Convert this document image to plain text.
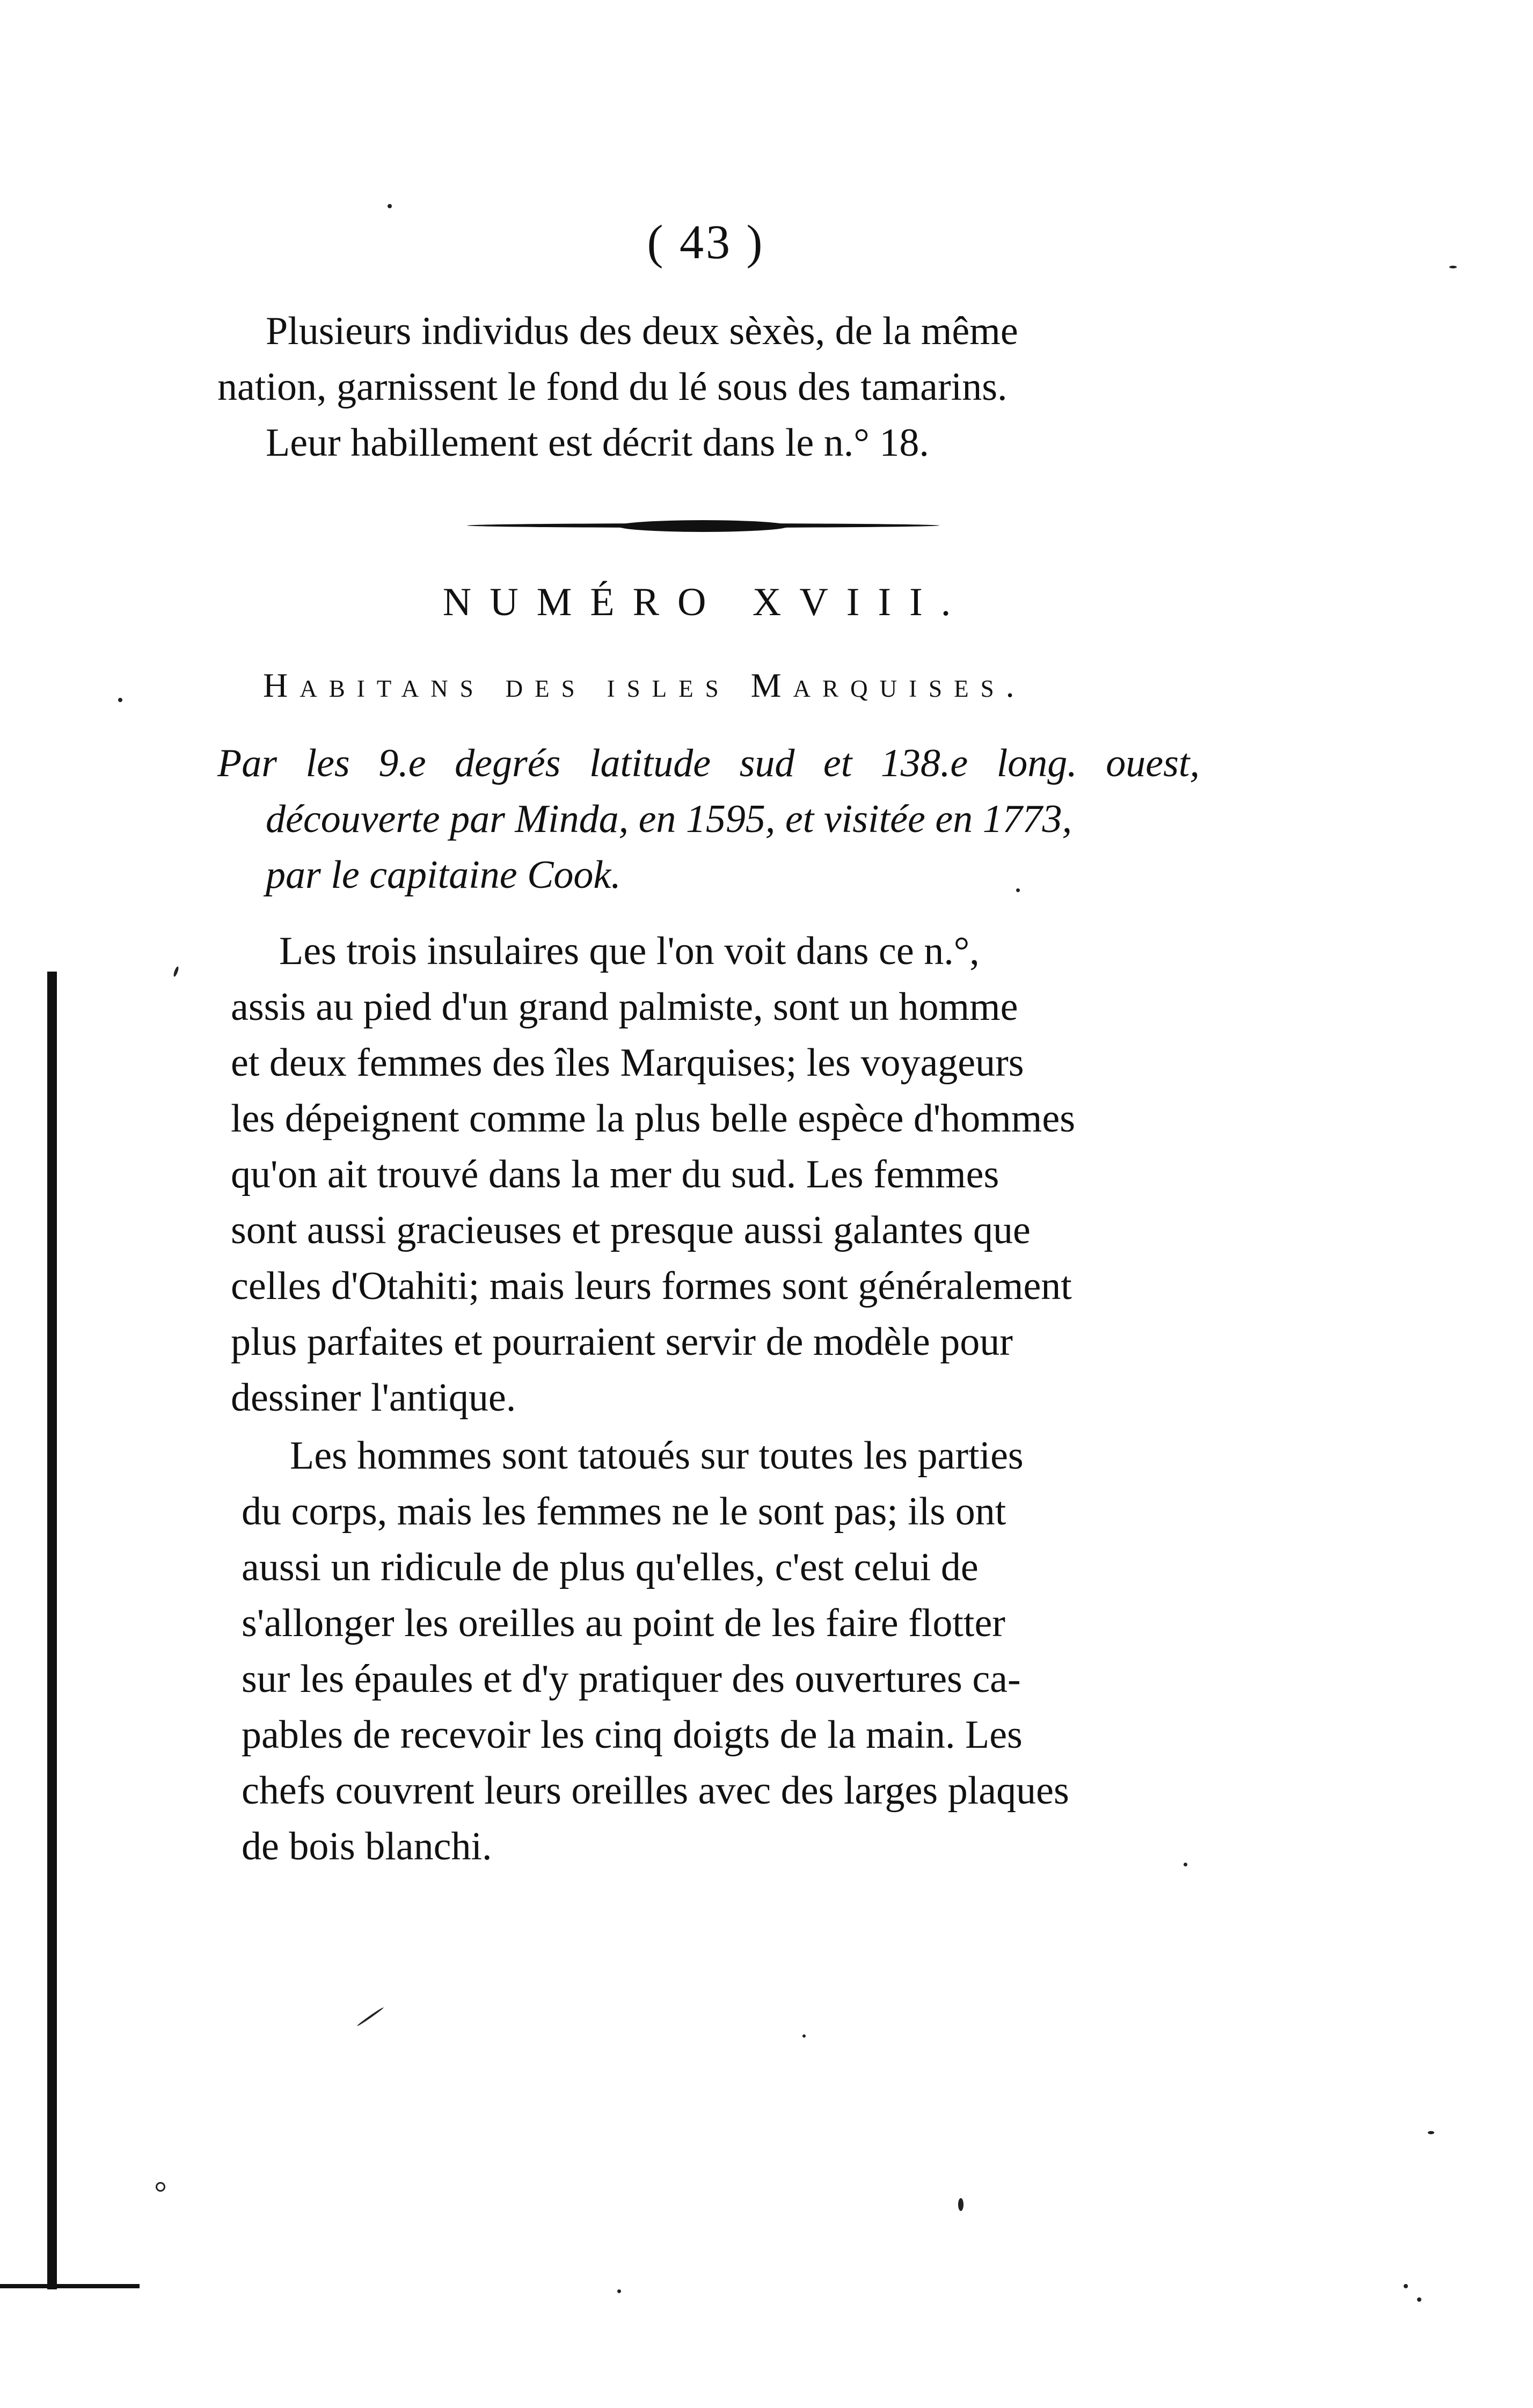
( 43 )
Plusieurs individus des deux sèxès, de la même
nation, garnissent le fond du lé sous des tamarins.
Leur habillement est décrit dans le n.° 18.
NUMÉRO XVIII.
Habitans des isles Marquises.
Par les 9.e degrés latitude sud et 138.e long. ouest,
découverte par Minda, en 1595, et visitée en 1773,
par le capitaine Cook.
Les trois insulaires que l'on voit dans ce n.°,
assis au pied d'un grand palmiste, sont un homme
et deux femmes des îles Marquises; les voyageurs
les dépeignent comme la plus belle espèce d'hommes
qu'on ait trouvé dans la mer du sud. Les femmes
sont aussi gracieuses et presque aussi galantes que
celles d'Otahiti; mais leurs formes sont généralement
plus parfaites et pourraient servir de modèle pour
dessiner l'antique.
Les hommes sont tatoués sur toutes les parties
du corps, mais les femmes ne le sont pas; ils ont
aussi un ridicule de plus qu'elles, c'est celui de
s'allonger les oreilles au point de les faire flotter
sur les épaules et d'y pratiquer des ouvertures ca-
pables de recevoir les cinq doigts de la main. Les
chefs couvrent leurs oreilles avec des larges plaques
de bois blanchi.
